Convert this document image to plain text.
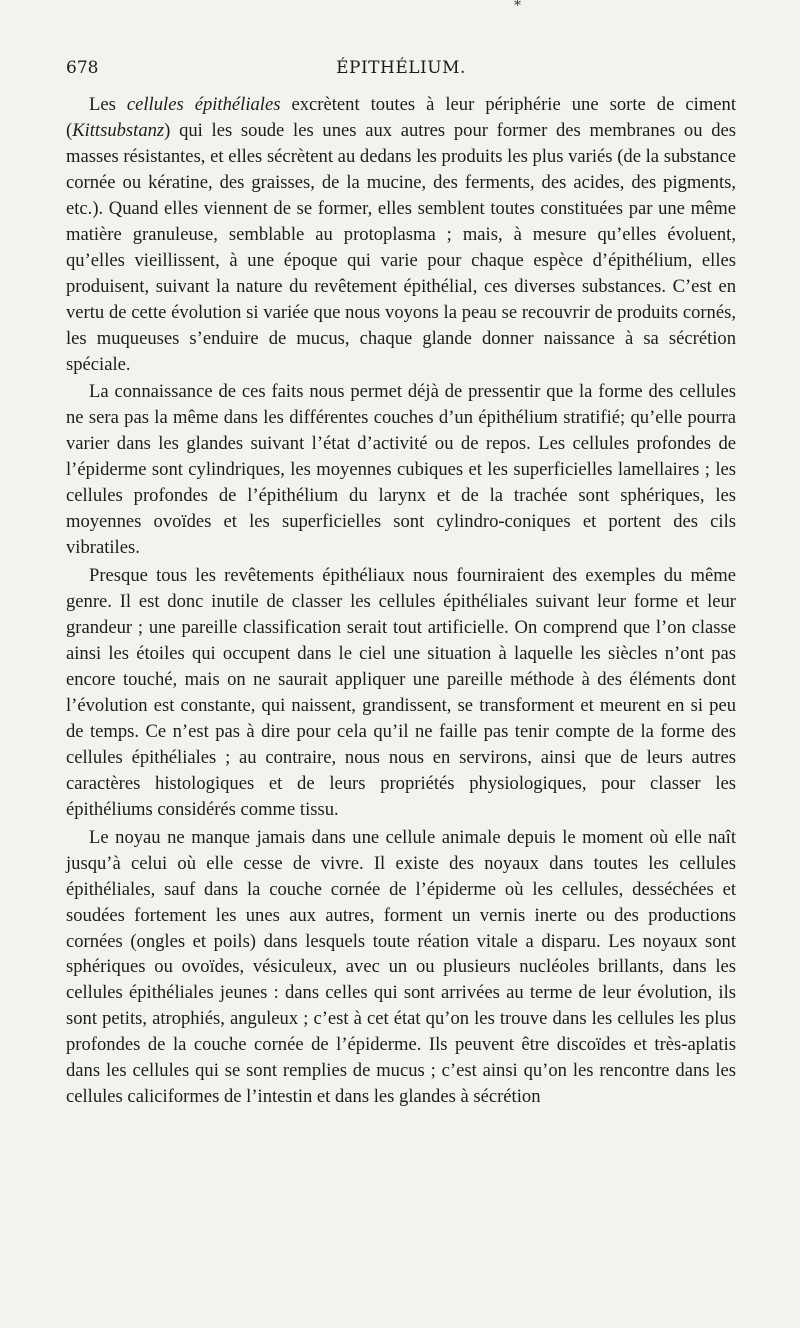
*
678	ÉPITHÉLIUM.

Les cellules épithéliales excrètent toutes à leur périphérie une sorte de ciment (Kittsubstanz) qui les soude les unes aux autres pour former des membranes ou des masses résistantes, et elles sécrètent au dedans les produits les plus variés (de la substance cornée ou kératine, des graisses, de la mucine, des ferments, des acides, des pigments, etc.). Quand elles viennent de se former, elles semblent toutes constituées par une même matière granuleuse, semblable au protoplasma ; mais, à mesure qu’elles évoluent, qu’elles vieillissent, à une époque qui varie pour chaque espèce d’épithélium, elles produisent, suivant la nature du revêtement épithélial, ces diverses substances. C’est en vertu de cette évolution si variée que nous voyons la peau se recouvrir de produits cornés, les muqueuses s’enduire de mucus, chaque glande donner naissance à sa sécrétion spéciale.

La connaissance de ces faits nous permet déjà de pressentir que la forme des cellules ne sera pas la même dans les différentes couches d’un épithélium stratifié; qu’elle pourra varier dans les glandes suivant l’état d’activité ou de repos. Les cellules profondes de l’épiderme sont cylindriques, les moyennes cubiques et les superficielles lamellaires ; les cellules profondes de l’épithélium du larynx et de la trachée sont sphériques, les moyennes ovoïdes et les superficielles sont cylindro-coniques et portent des cils vibratiles.

Presque tous les revêtements épithéliaux nous fourniraient des exemples du même genre. Il est donc inutile de classer les cellules épithéliales suivant leur forme et leur grandeur ; une pareille classification serait tout artificielle. On comprend que l’on classe ainsi les étoiles qui occupent dans le ciel une situation à laquelle les siècles n’ont pas encore touché, mais on ne saurait appliquer une pareille méthode à des éléments dont l’évolution est constante, qui naissent, grandissent, se transforment et meurent en si peu de temps. Ce n’est pas à dire pour cela qu’il ne faille pas tenir compte de la forme des cellules épithéliales ; au contraire, nous nous en servirons, ainsi que de leurs autres caractères histologiques et de leurs propriétés physiologiques, pour classer les épithéliums considérés comme tissu.

Le noyau ne manque jamais dans une cellule animale depuis le moment où elle naît jusqu’à celui où elle cesse de vivre. Il existe des noyaux dans toutes les cellules épithéliales, sauf dans la couche cornée de l’épiderme où les cellules, desséchées et soudées fortement les unes aux autres, forment un vernis inerte ou des productions cornées (ongles et poils) dans lesquels toute réation vitale a disparu. Les noyaux sont sphériques ou ovoïdes, vésiculeux, avec un ou plusieurs nucléoles brillants, dans les cellules épithéliales jeunes : dans celles qui sont arrivées au terme de leur évolution, ils sont petits, atrophiés, anguleux ; c’est à cet état qu’on les trouve dans les cellules les plus profondes de la couche cornée de l’épiderme. Ils peuvent être discoïdes et très-aplatis dans les cellules qui se sont remplies de mucus ; c’est ainsi qu’on les rencontre dans les cellules caliciformes de l’intestin et dans les glandes à sécrétion
